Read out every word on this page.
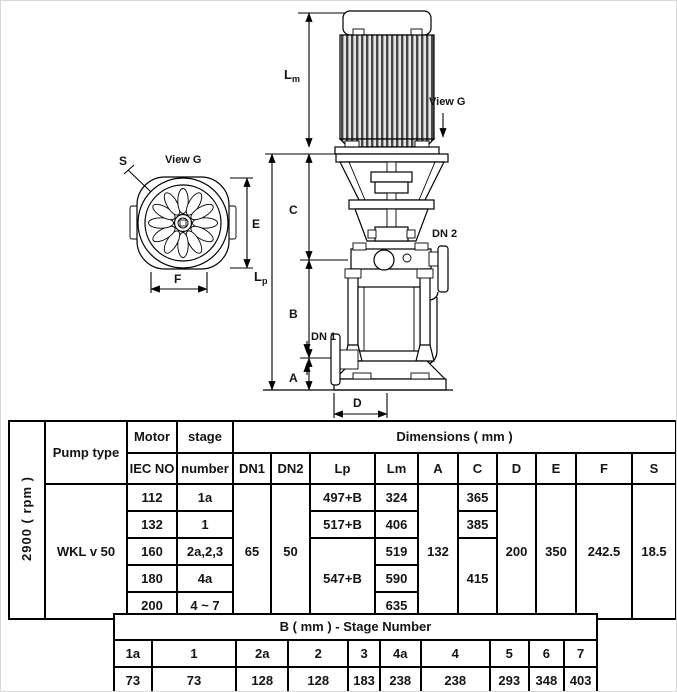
$L_m$
$L_p$
C
B
A
D
DN 1
DN 2
View G
View G
S
E
F
2900 ( rpm )	Pump type	Motor	stage	Dimensions ( mm )									
		IEC NO	number	DN1	DN2	Lp	Lm	A	C	D	E	F	S
	WKL v 50	112	1a	65	50	497+B	324	132	365	200	350	242.5	18.5
		132	1			517+B	406		385				
		160	2a,2,3			547+B	519		415				
		180	4a				590						
		200	4 ~ 7				635						
B ( mm ) - Stage Number									
1a	1	2a	2	3	4a	4	5	6	7
73	73	128	128	183	238	238	293	348	403
